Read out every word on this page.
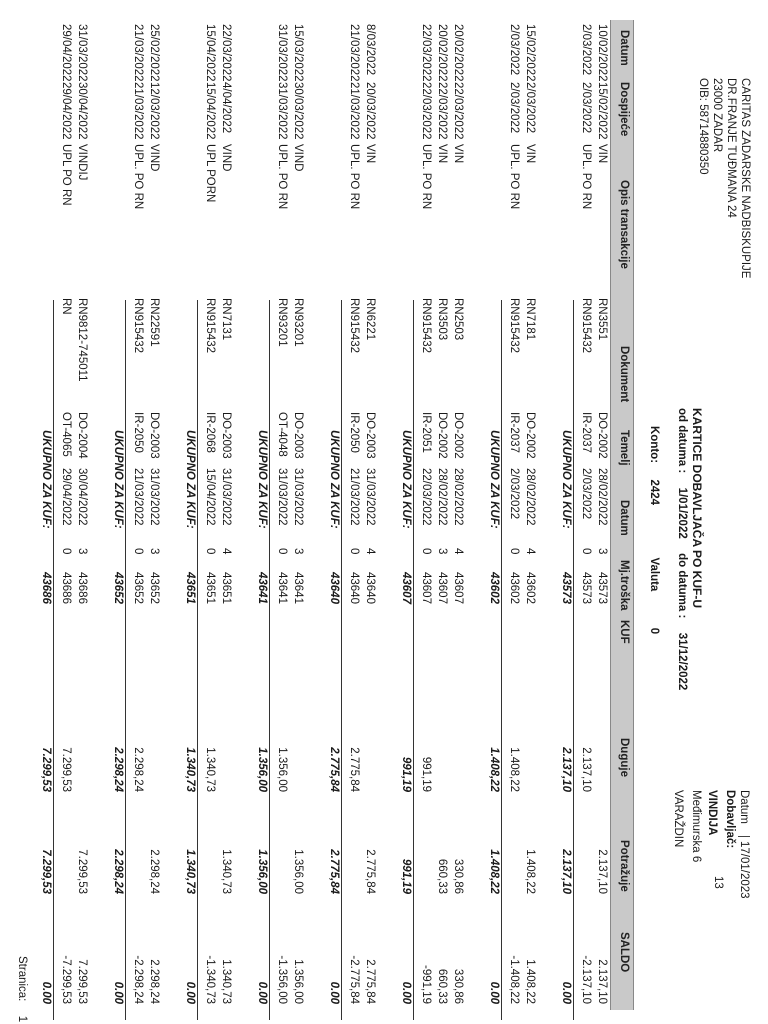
CARITAS ZADARSKE NADBISKUPIJE
DR.FRANJE TUĐMANA 24
23000 ZADAR
OIB: 58714880350
KARTICE DOBAVLJAČA PO KUF-U
od datuma :  1/01/2022  do datuma :  31/12/2022
Konto:  2424  Valuta  0
Datum
17/01/2023
Dobavljač:
13
VINDIJA
Međimurska 6
VARAŽDIN
Datum
Dospijeće
Opis transakcije
Dokument
Temelj
Datum
Mj.troška
KUF
Duguje
Potražuje
SALDO
10/02/2022
15/02/2022
VIN
RN3551
DO-2002
28/02/2022
3
43573
2.137,10
2.137,10
2/03/2022
2/03/2022
UPL. PO RN
RN915432
IR-2037
2/03/2022
0
43573
2.137,10
-2.137,10
UKUPNO ZA KUF:
43573
2.137,10
2.137,10
0.00
15/02/2022
2/03/2022
VIN
RN7181
DO-2002
28/02/2022
4
43602
1.408,22
1.408,22
2/03/2022
2/03/2022
UPL. PO RN
RN915432
IR-2037
2/03/2022
0
43602
1.408,22
-1.408,22
UKUPNO ZA KUF:
43602
1.408,22
1.408,22
0.00
20/02/2022
22/03/2022
VIN
RN2503
DO-2002
28/02/2022
4
43607
330,86
330,86
20/02/2022
22/03/2022
VIN
RN3503
DO-2002
28/02/2022
3
43607
660,33
660,33
22/03/2022
22/03/2022
UPL. PO RN
RN915432
IR-2051
22/03/2022
0
43607
991,19
-991,19
UKUPNO ZA KUF:
43607
991,19
991,19
0.00
8/03/2022
20/03/2022
VIN
RN6221
DO-2003
31/03/2022
4
43640
2.775,84
2.775,84
21/03/2022
21/03/2022
UPL. PO RN
RN915432
IR-2050
21/03/2022
0
43640
2.775,84
-2.775,84
UKUPNO ZA KUF:
43640
2.775,84
2.775,84
0.00
15/03/2022
30/03/2022
VIND
RN93201
DO-2003
31/03/2022
3
43641
1.356,00
1.356,00
31/03/2022
31/03/2022
UPL. PO RN
RN93201
OT-4048
31/03/2022
0
43641
1.356,00
-1.356,00
UKUPNO ZA KUF:
43641
1.356,00
1.356,00
0.00
22/03/2022
4/04/2022
VIND
RN7131
DO-2003
31/03/2022
4
43651
1.340,73
1.340,73
15/04/2022
15/04/2022
UPL PORN
RN915432
IR-2068
15/04/2022
0
43651
1.340,73
-1.340,73
UKUPNO ZA KUF:
43651
1.340,73
1.340,73
0.00
25/02/2022
12/03/2022
VIND
RN22591
DO-2003
31/03/2022
3
43652
2.298,24
2.298,24
21/03/2022
21/03/2022
UPL. PO RN
RN915432
IR-2050
21/03/2022
0
43652
2.298,24
-2.298,24
UKUPNO ZA KUF:
43652
2.298,24
2.298,24
0.00
31/03/2022
30/04/2022
VINDIJ
RN9812-745011
DO-2004
30/04/2022
3
43686
7.299,53
7.299,53
29/04/2022
29/04/2022
UPL PO RN
RN
OT-4065
29/04/2022
0
43686
7.299,53
-7.299,53
UKUPNO ZA KUF:
43686
7.299,53
7.299,53
0.00
Stranica:  1
